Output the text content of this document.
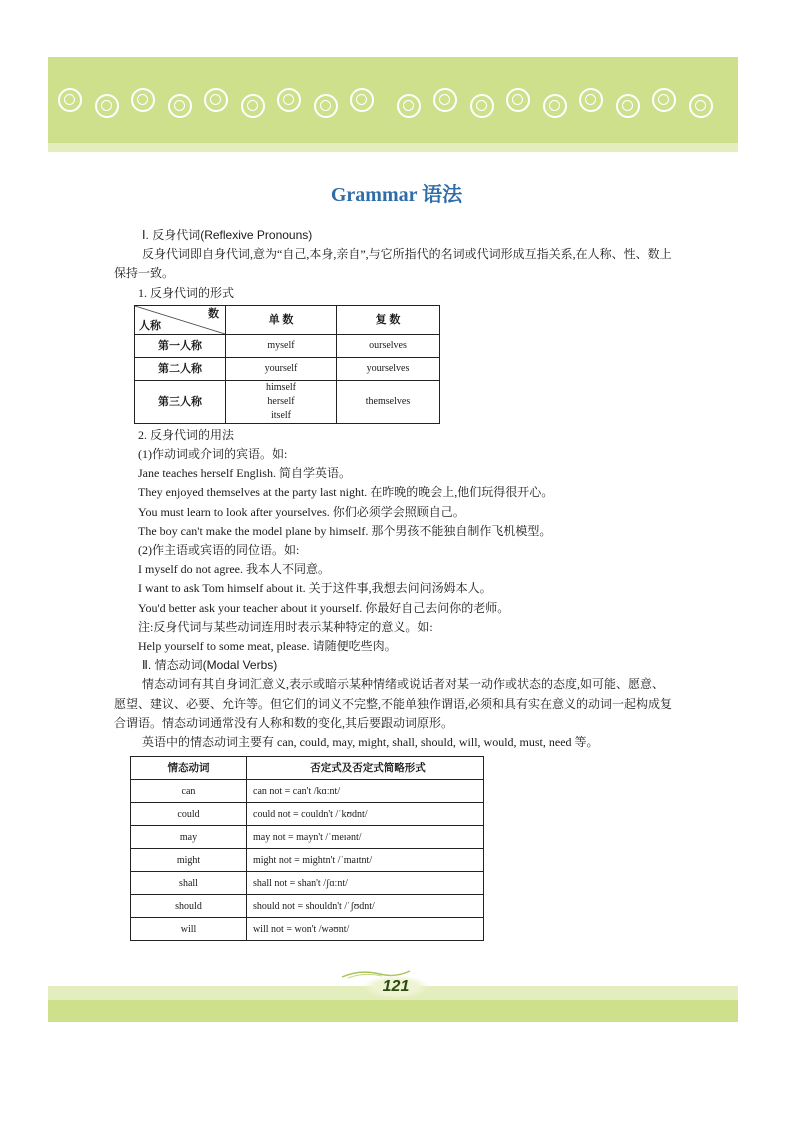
Grammar 语法
Ⅰ. 反身代词(Reflexive Pronouns)
反身代词即自身代词,意为“自己,本身,亲自”,与它所指代的名词或代词形成互指关系,在人称、性、数上保持一致。
1. 反身代词的形式
数
人称	单 数	复 数
第一人称	myself	ourselves
第二人称	yourself	yourselves
第三人称	himself
herself
itself	themselves
2. 反身代词的用法
(1)作动词或介词的宾语。如:
Jane teaches herself English. 简自学英语。
They enjoyed themselves at the party last night. 在昨晚的晚会上,他们玩得很开心。
You must learn to look after yourselves. 你们必须学会照顾自己。
The boy can't make the model plane by himself. 那个男孩不能独自制作飞机模型。
(2)作主语或宾语的同位语。如:
I myself do not agree. 我本人不同意。
I want to ask Tom himself about it. 关于这件事,我想去问问汤姆本人。
You'd better ask your teacher about it yourself. 你最好自己去问你的老师。
注:反身代词与某些动词连用时表示某种特定的意义。如:
Help yourself to some meat, please. 请随便吃些肉。
Ⅱ. 情态动词(Modal Verbs)
情态动词有其自身词汇意义,表示或暗示某种情绪或说话者对某一动作或状态的态度,如可能、愿意、愿望、建议、必要、允许等。但它们的词义不完整,不能单独作谓语,必须和具有实在意义的动词一起构成复合谓语。情态动词通常没有人称和数的变化,其后要跟动词原形。
英语中的情态动词主要有 can, could, may, might, shall, should, will, would, must, need 等。
情态动词	否定式及否定式简略形式
can	can not = can't /kɑːnt/
could	could not = couldn't /ˈkʊdnt/
may	may not = mayn't /ˈmeɪənt/
might	might not = mightn't /ˈmaɪtnt/
shall	shall not = shan't /ʃɑːnt/
should	should not = shouldn't /ˈʃʊdnt/
will	will not = won't /wəʊnt/
121
